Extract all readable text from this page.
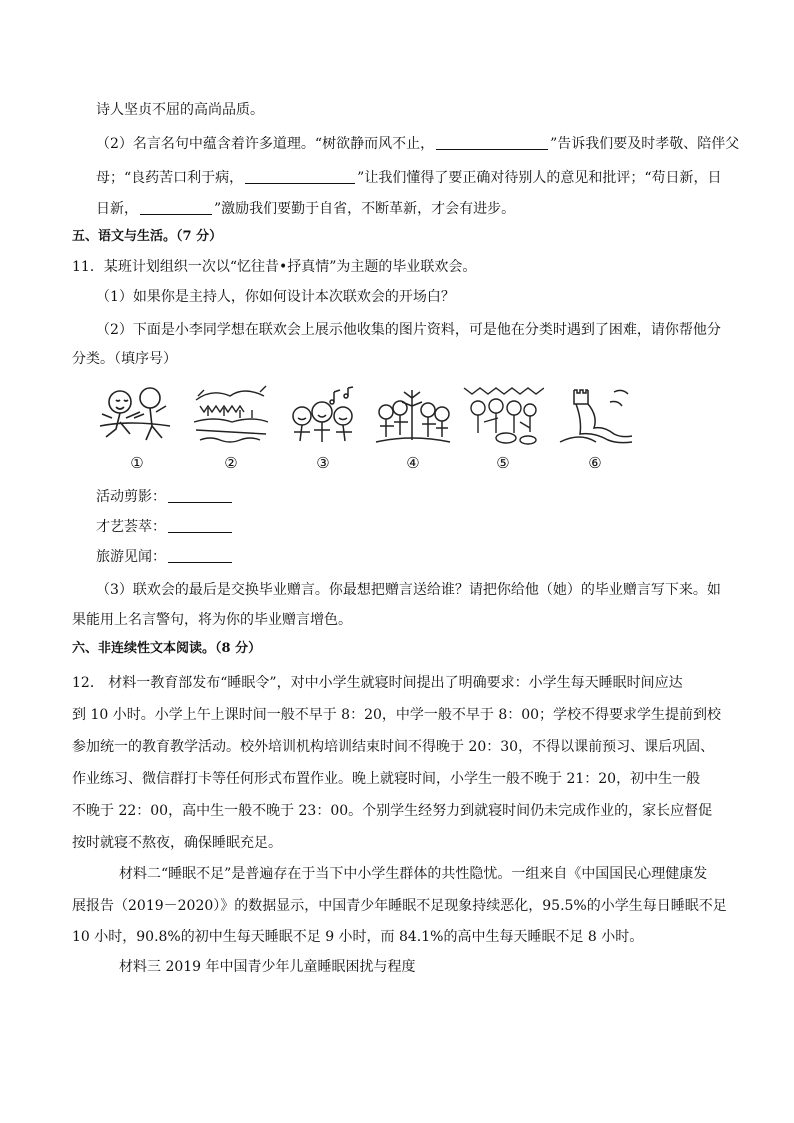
诗人坚贞不屈的高尚品质。
（2）名言名句中蕴含着许多道理。“树欲静而风不止，	”告诉我们要及时孝敬、陪伴父
母；“良药苦口利于病，	”让我们懂得了要正确对待别人的意见和批评；“苟日新，日
日新，	”激励我们要勤于自省，不断革新，才会有进步。
五、语文与生活。（7 分）
11．某班计划组织一次以“忆往昔•抒真情”为主题的毕业联欢会。
（1）如果你是主持人，你如何设计本次联欢会的开场白？
（2）下面是小李同学想在联欢会上展示他收集的图片资料，可是他在分类时遇到了困难，请你帮他分
分类。（填序号）
①	②	③	④	⑤	⑥
活动剪影：
才艺荟萃：
旅游见闻：
（3）联欢会的最后是交换毕业赠言。你最想把赠言送给谁？请把你给他（她）的毕业赠言写下来。如
果能用上名言警句，将为你的毕业赠言增色。
六、非连续性文本阅读。（8 分）
12． 材料一教育部发布“睡眠令”，对中小学生就寝时间提出了明确要求：小学生每天睡眠时间应达
到 10 小时。小学上午上课时间一般不早于 8：20，中学一般不早于 8：00；学校不得要求学生提前到校
参加统一的教育教学活动。校外培训机构培训结束时间不得晚于 20：30，不得以课前预习、课后巩固、
作业练习、微信群打卡等任何形式布置作业。晚上就寝时间，小学生一般不晚于 21：20，初中生一般
不晚于 22：00，高中生一般不晚于 23：00。个别学生经努力到就寝时间仍未完成作业的，家长应督促
按时就寝不熬夜，确保睡眠充足。
材料二“睡眠不足”是普遍存在于当下中小学生群体的共性隐忧。一组来自《中国国民心理健康发
展报告（2019－2020）》的数据显示，中国青少年睡眠不足现象持续恶化，95.5%的小学生每日睡眠不足
10 小时，90.8%的初中生每天睡眠不足 9 小时，而 84.1%的高中生每天睡眠不足 8 小时。
材料三 2019 年中国青少年儿童睡眠困扰与程度
